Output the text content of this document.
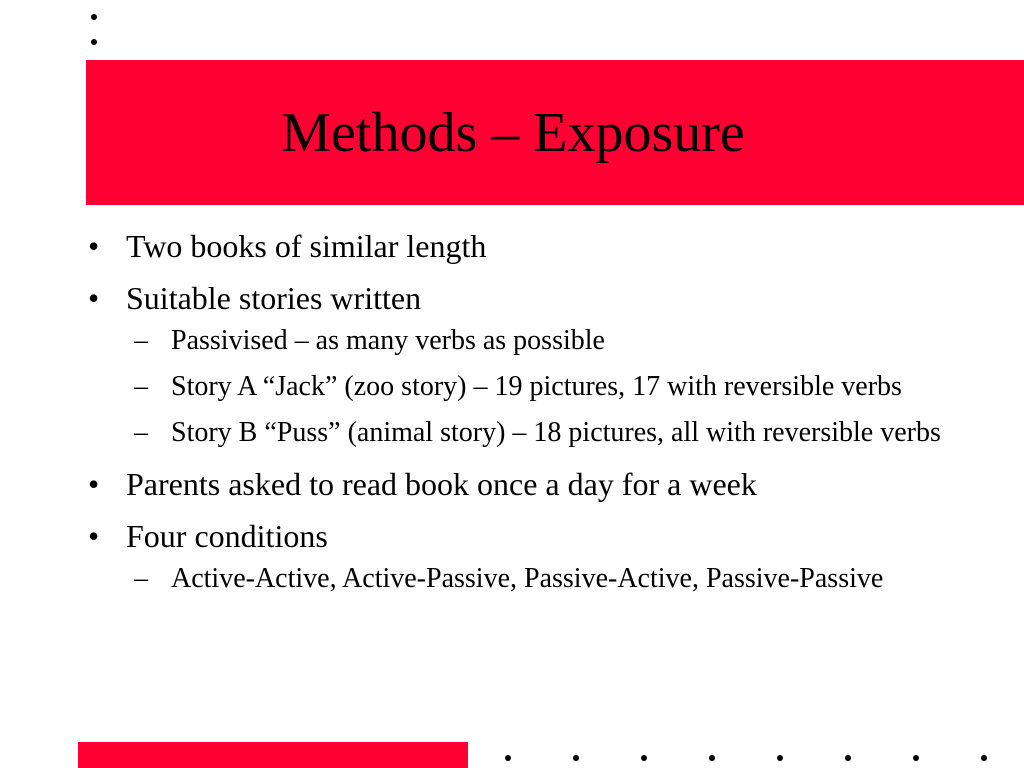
Methods – Exposure
• Two books of similar length
• Suitable stories written
– Passivised – as many verbs as possible
– Story A “Jack” (zoo story) – 19 pictures, 17 with reversible verbs
– Story B “Puss” (animal story) – 18 pictures, all with reversible verbs
• Parents asked to read book once a day for a week
• Four conditions
– Active-Active, Active-Passive, Passive-Active, Passive-Passive
